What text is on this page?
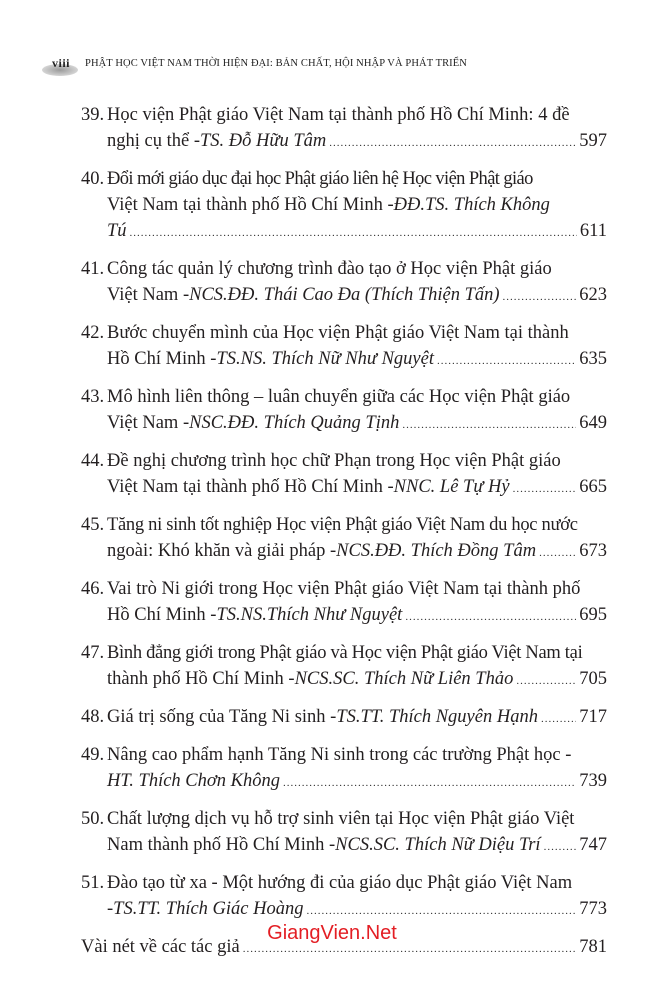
viii PHẬT HỌC VIỆT NAM THỜI HIỆN ĐẠI: BẢN CHẤT, HỘI NHẬP VÀ PHÁT TRIỂN
39. Học viện Phật giáo Việt Nam tại thành phố Hồ Chí Minh: 4 đề
nghị cụ thể - TS. Đỗ Hữu Tâm .....	597
40. Đổi mới giáo dục đại học Phật giáo liên hệ Học viện Phật giáo
Việt Nam tại thành phố Hồ Chí Minh - ĐĐ.TS. Thích Không
Tú .....	611
41. Công tác quản lý chương trình đào tạo ở Học viện Phật giáo
Việt Nam - NCS.ĐĐ. Thái Cao Đa (Thích Thiện Tấn) .....	623
42. Bước chuyển mình của Học viện Phật giáo Việt Nam tại thành
Hồ Chí Minh - TS.NS. Thích Nữ Như Nguyệt .....	635
43. Mô hình liên thông – luân chuyển giữa các Học viện Phật giáo
Việt Nam - NSC.ĐĐ. Thích Quảng Tịnh .....	649
44. Đề nghị chương trình học chữ Phạn trong Học viện Phật giáo
Việt Nam tại thành phố Hồ Chí Minh - NNC. Lê Tự Hỷ .....	665
45. Tăng ni sinh tốt nghiệp Học viện Phật giáo Việt Nam du học nước
ngoài: Khó khăn và giải pháp - NCS.ĐĐ. Thích Đồng Tâm ..... 673
46. Vai trò Ni giới trong Học viện Phật giáo Việt Nam tại thành phố
Hồ Chí Minh - TS.NS.Thích Như Nguyệt .....	695
47. Bình đẳng giới trong Phật giáo và Học viện Phật giáo Việt Nam tại
thành phố Hồ Chí Minh - NCS.SC. Thích Nữ Liên Thảo .....	705
48. Giá trị sống của Tăng Ni sinh - TS.TT. Thích Nguyên Hạnh ..... 717
49. Nâng cao phẩm hạnh Tăng Ni sinh trong các trường Phật học -
HT. Thích Chơn Không .....	739
50. Chất lượng dịch vụ hỗ trợ sinh viên tại Học viện Phật giáo Việt
Nam thành phố Hồ Chí Minh - NCS.SC. Thích Nữ Diệu Trí ..... 747
51. Đào tạo từ xa - Một hướng đi của giáo dục Phật giáo Việt Nam
- TS.TT. Thích Giác Hoàng .....	773
Vài nét về các tác giả .....	781
GiangVien.Net
